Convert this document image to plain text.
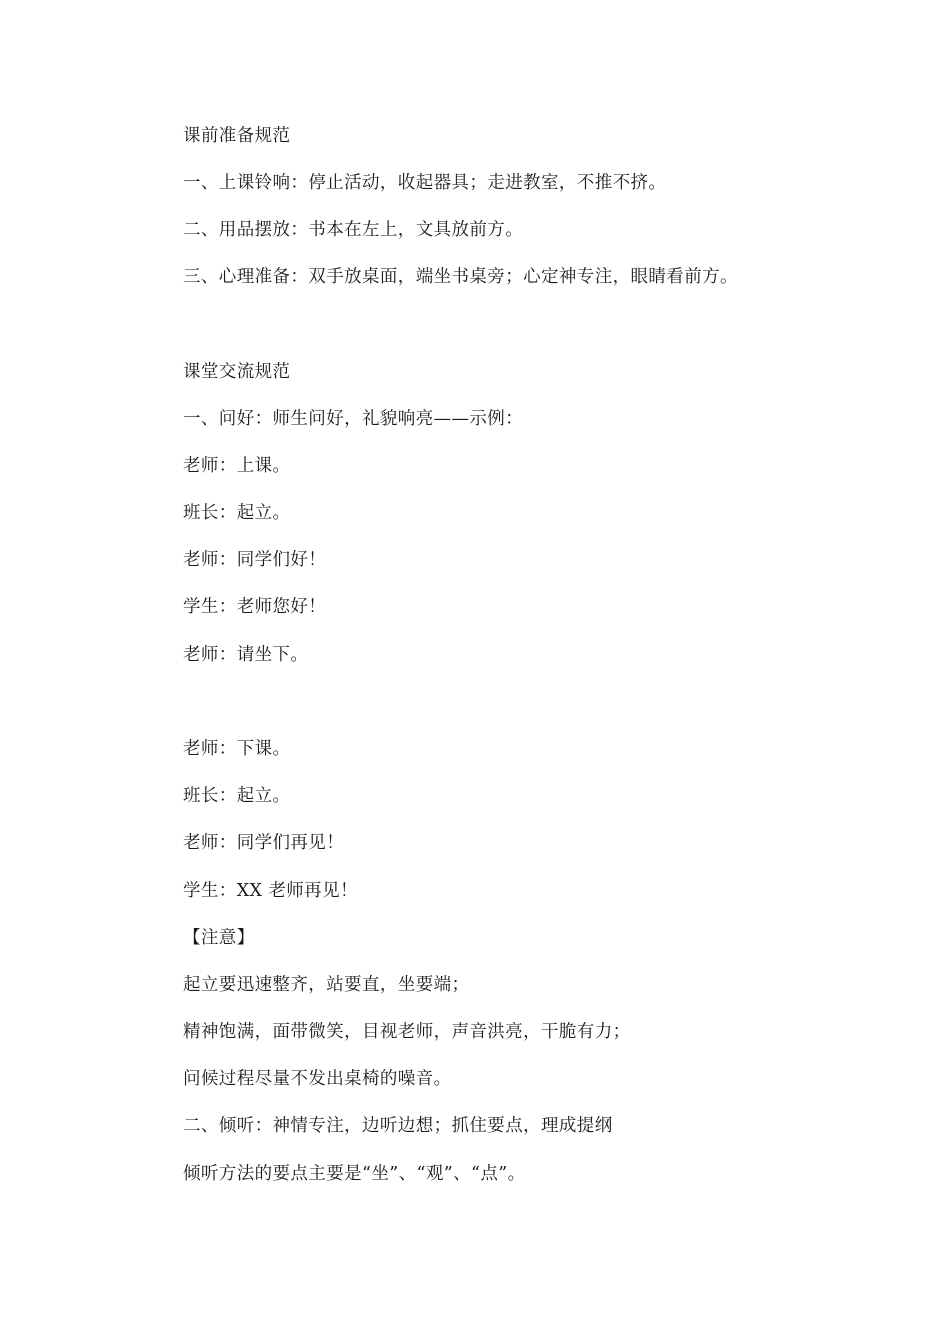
课前准备规范
一、上课铃响：停止活动，收起器具；走进教室，不推不挤。
二、用品摆放：书本在左上，文具放前方。
三、心理准备：双手放桌面，端坐书桌旁；心定神专注，眼睛看前方。
课堂交流规范
一、问好：师生问好，礼貌响亮——示例：
老师：上课。
班长：起立。
老师：同学们好！
学生：老师您好！
老师：请坐下。
老师：下课。
班长：起立。
老师：同学们再见！
学生：XX 老师再见！
【注意】
起立要迅速整齐，站要直，坐要端；
精神饱满，面带微笑，目视老师，声音洪亮，干脆有力；
问候过程尽量不发出桌椅的噪音。
二、倾听：神情专注，边听边想；抓住要点，理成提纲
倾听方法的要点主要是“坐”、“观”、“点”。
